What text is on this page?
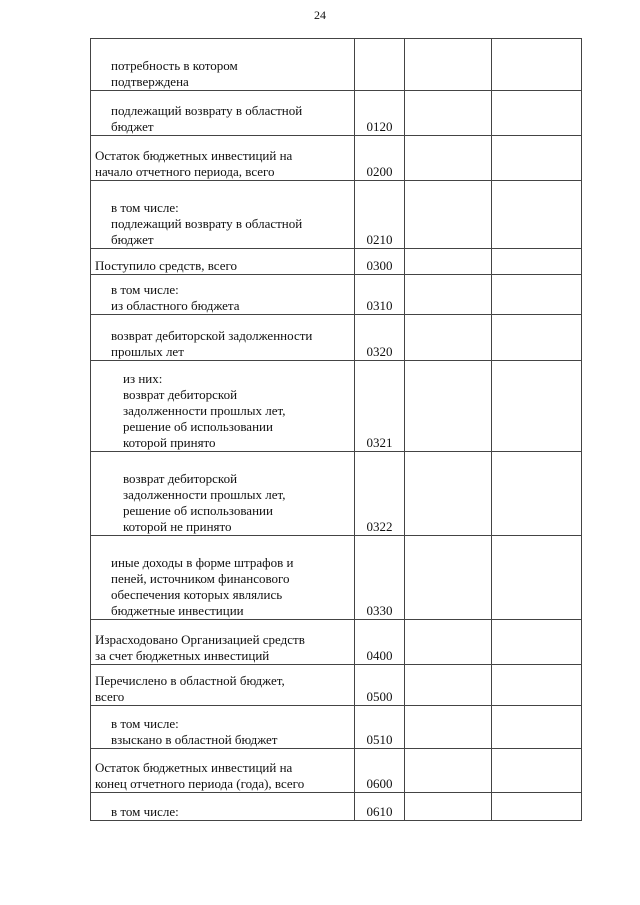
24
потребность в котором
подтверждена			

подлежащий возврату в областной
бюджет	0120		

Остаток бюджетных инвестиций на
начало отчетного периода, всего	0200		

в том числе:
подлежащий возврату в областной
бюджет	0210		

Поступило средств, всего	0300		

в том числе:
из областного бюджета	0310		

возврат дебиторской задолженности
прошлых лет	0320		

из них:
возврат дебиторской
задолженности прошлых лет,
решение об использовании
которой принято	0321		

возврат дебиторской
задолженности прошлых лет,
решение об использовании
которой не принято	0322		

иные доходы в форме штрафов и
пеней, источником финансового
обеспечения которых являлись
бюджетные инвестиции	0330		

Израсходовано Организацией средств
за счет бюджетных инвестиций	0400		

Перечислено в областной бюджет,
всего	0500		

в том числе:
взыскано в областной бюджет	0510		

Остаток бюджетных инвестиций на
конец отчетного периода (года), всего	0600		

в том числе:	0610		
